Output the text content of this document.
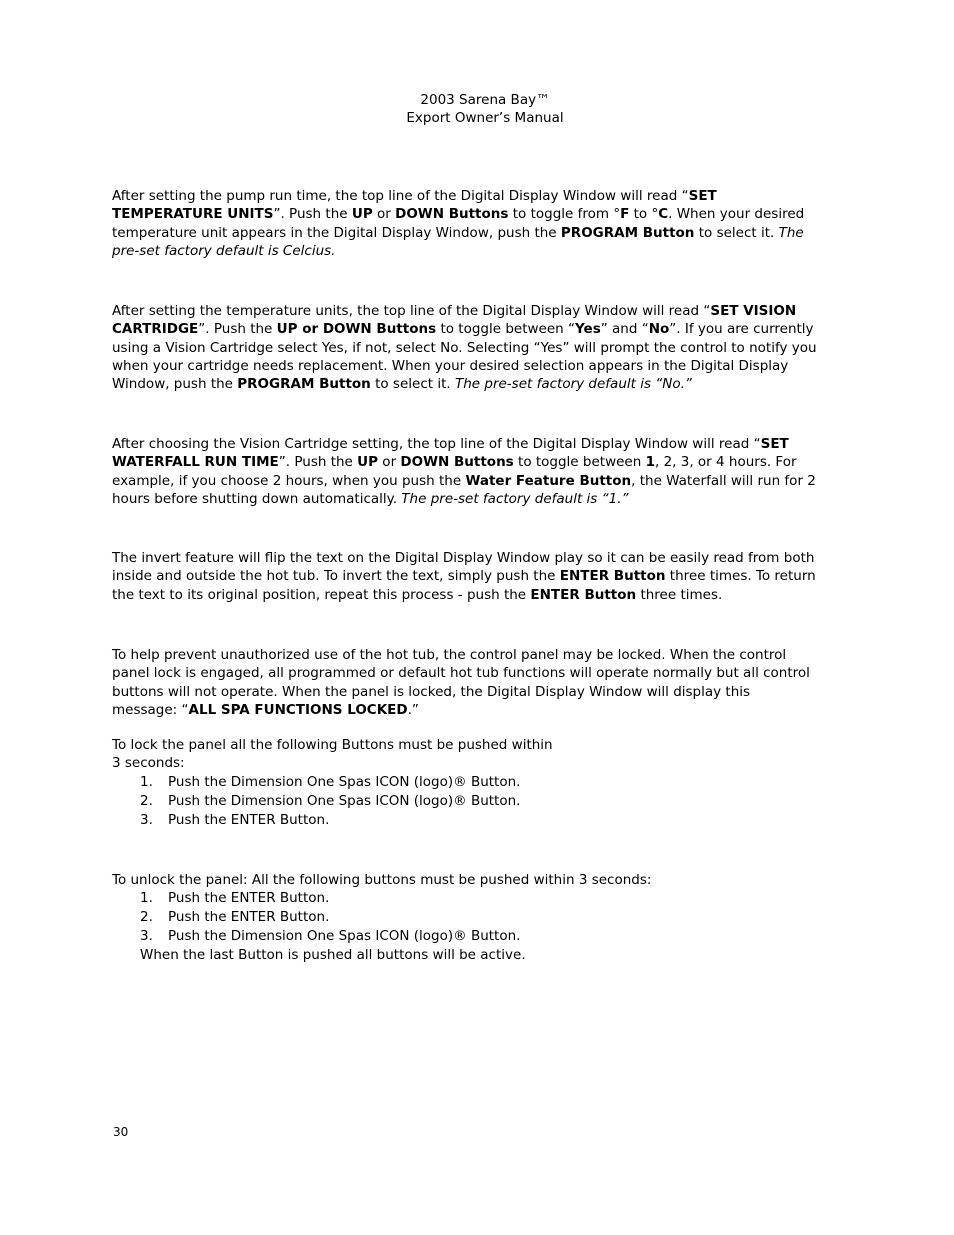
2003 Sarena Bay™
Export Owner’s Manual

After setting the pump run time, the top line of the Digital Display Window will read “SET TEMPERATURE UNITS”. Push the UP or DOWN Buttons to toggle from °F to °C. When your desired temperature unit appears in the Digital Display Window, push the PROGRAM Button to select it. The pre-set factory default is Celcius.

After setting the temperature units, the top line of the Digital Display Window will read “SET VISION CARTRIDGE”. Push the UP or DOWN Buttons to toggle between “Yes” and “No”. If you are currently using a Vision Cartridge select Yes, if not, select No. Selecting “Yes” will prompt the control to notify you when your cartridge needs replacement. When your desired selection appears in the Digital Display Window, push the PROGRAM Button to select it. The pre-set factory default is “No.”

After choosing the Vision Cartridge setting, the top line of the Digital Display Window will read “SET WATERFALL RUN TIME”. Push the UP or DOWN Buttons to toggle between 1, 2, 3, or 4 hours. For example, if you choose 2 hours, when you push the Water Feature Button, the Waterfall will run for 2 hours before shutting down automatically. The pre-set factory default is “1.”

The invert feature will flip the text on the Digital Display Window play so it can be easily read from both inside and outside the hot tub. To invert the text, simply push the ENTER Button three times. To return the text to its original position, repeat this process - push the ENTER Button three times.

To help prevent unauthorized use of the hot tub, the control panel may be locked. When the control panel lock is engaged, all programmed or default hot tub functions will operate normally but all control buttons will not operate. When the panel is locked, the Digital Display Window will display this message: “ALL SPA FUNCTIONS LOCKED.”

To lock the panel all the following Buttons must be pushed within

3 seconds:

1. Push the Dimension One Spas ICON (logo)® Button.
2. Push the Dimension One Spas ICON (logo)® Button.
3. Push the ENTER Button.

To unlock the panel: All the following buttons must be pushed within 3 seconds:

1. Push the ENTER Button.
2. Push the ENTER Button.
3. Push the Dimension One Spas ICON (logo)® Button.

When the last Button is pushed all buttons will be active.

30
